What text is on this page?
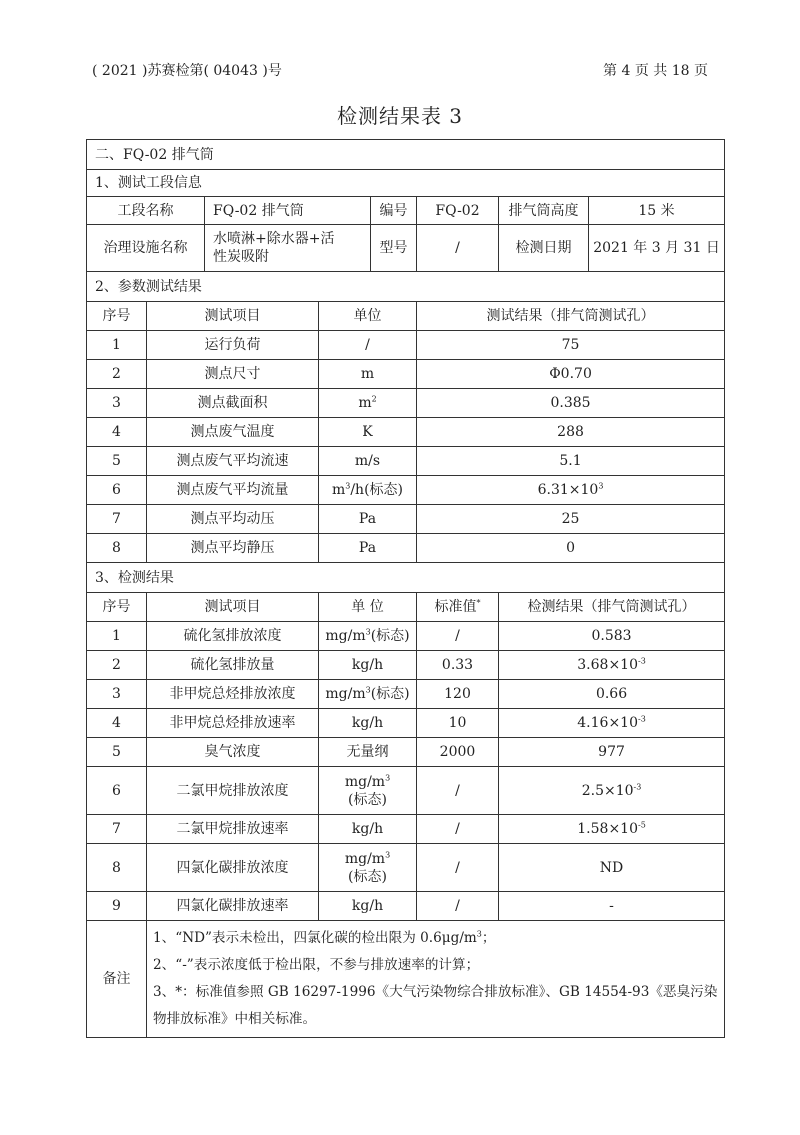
( 2021 )苏赛检第( 04043 )号	第 4 页 共 18 页
检测结果表 3
二、FQ-02 排气筒							
1、测试工段信息							
工段名称		FQ-02 排气筒		编号	FQ-02	排气筒高度	15 米
治理设施名称		水喷淋+除水器+活
性炭吸附		型号	/	检测日期	2021 年 3 月 31 日
2、参数测试结果							
序号	测试项目		单位		测试结果（排气筒测试孔）		
1	运行负荷		/		75		
2	测点尺寸		m		Φ0.70		
3	测点截面积		$m^2$		0.385		
4	测点废气温度		K		288		
5	测点废气平均流速		m/s		5.1		
6	测点废气平均流量		$m^3/h$(标态)		$6.31\times 10^3$
7	测点平均动压		Pa		25		
8	测点平均静压		Pa		0		
3、检测结果							
序号	测试项目		单 位		标准值*	检测结果（排气筒测试孔）	
1	硫化氢排放浓度		$mg/m^3$(标态)		/	0.583	
2	硫化氢排放量		kg/h		0.33	$3.68\times 10^{-3}$
3	非甲烷总烃排放浓度		$mg/m^3$(标态)		120	0.66	
4	非甲烷总烃排放速率		kg/h		10	$4.16\times 10^{-3}$
5	臭气浓度		无量纲		2000	977	
6	二氯甲烷排放浓度		$mg/m^3$
(标态)		/	$2.5\times 10^{-3}$
7	二氯甲烷排放速率		kg/h		/	$1.58\times 10^{-5}$
8	四氯化碳排放浓度		$mg/m^3$
(标态)		/	ND	
9	四氯化碳排放速率		kg/h		/	-	
备注	1、“ND”表示未检出，四氯化碳的检出限为 $0.6\mu g/m^3$；
2、“-”表示浓度低于检出限，不参与排放速率的计算；
3、*：标准值参照 GB 16297-1996《大气污染物综合排放标准》、GB 14554-93《恶臭污染物排放标准》中相关标准。						
